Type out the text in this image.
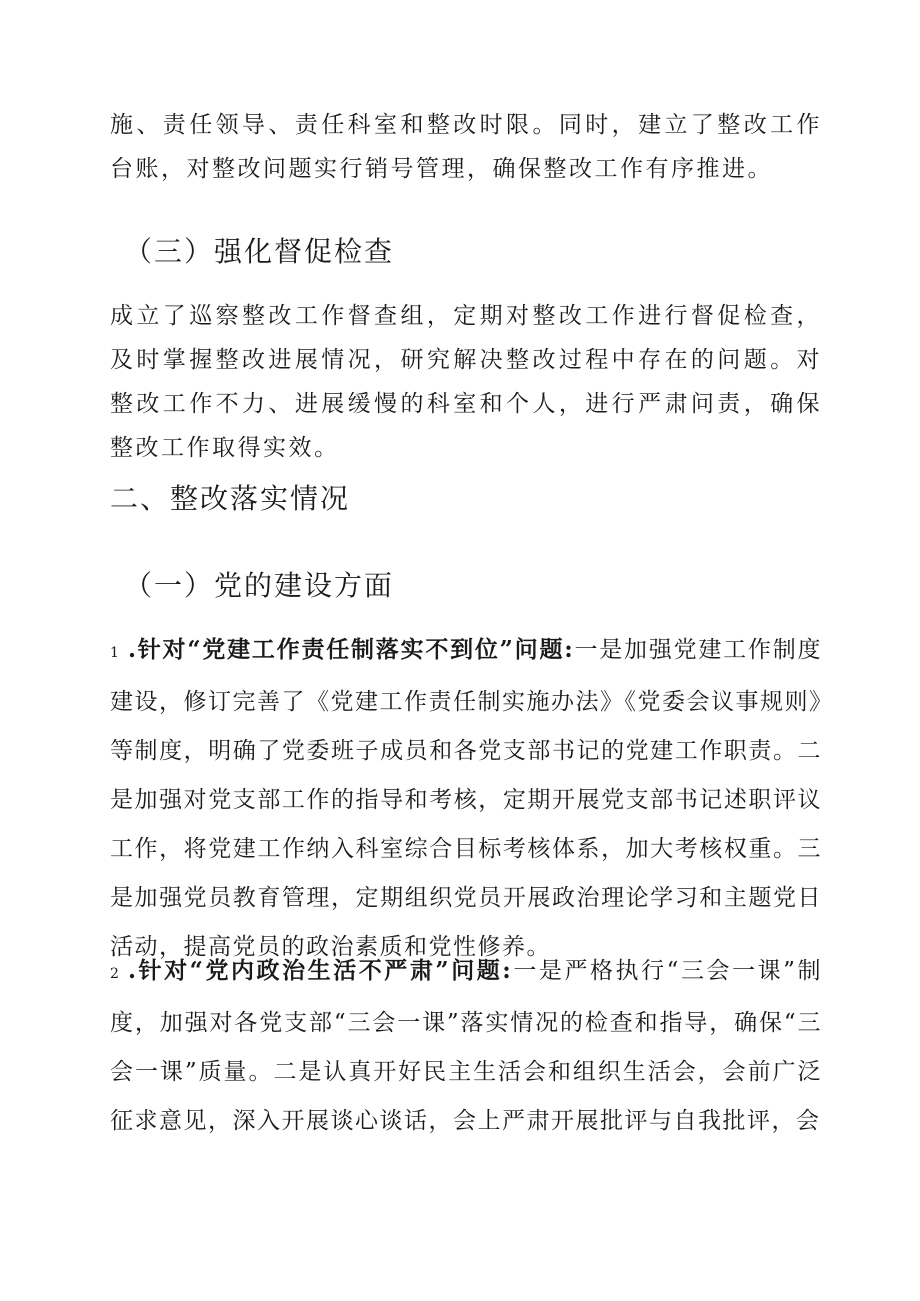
施、责任领导、责任科室和整改时限。同时，建立了整改工作台账，对整改问题实行销号管理，确保整改工作有序推进。

（三）强化督促检查

成立了巡察整改工作督查组，定期对整改工作进行督促检查，及时掌握整改进展情况，研究解决整改过程中存在的问题。对整改工作不力、进展缓慢的科室和个人，进行严肃问责，确保整改工作取得实效。

二、整改落实情况
（一）党的建设方面

1 .针对“党建工作责任制落实不到位”问题:一是加强党建工作制度建设，修订完善了《党建工作责任制实施办法》《党委会议事规则》等制度，明确了党委班子成员和各党支部书记的党建工作职责。二是加强对党支部工作的指导和考核，定期开展党支部书记述职评议工作，将党建工作纳入科室综合目标考核体系，加大考核权重。三是加强党员教育管理，定期组织党员开展政治理论学习和主题党日活动，提高党员的政治素质和党性修养。

2 .针对“党内政治生活不严肃”问题:一是严格执行“三会一课”制度，加强对各党支部“三会一课”落实情况的检查和指导，确保“三会一课”质量。二是认真开好民主生活会和组织生活会，会前广泛征求意见，深入开展谈心谈话，会上严肃开展批评与自我批评，会
